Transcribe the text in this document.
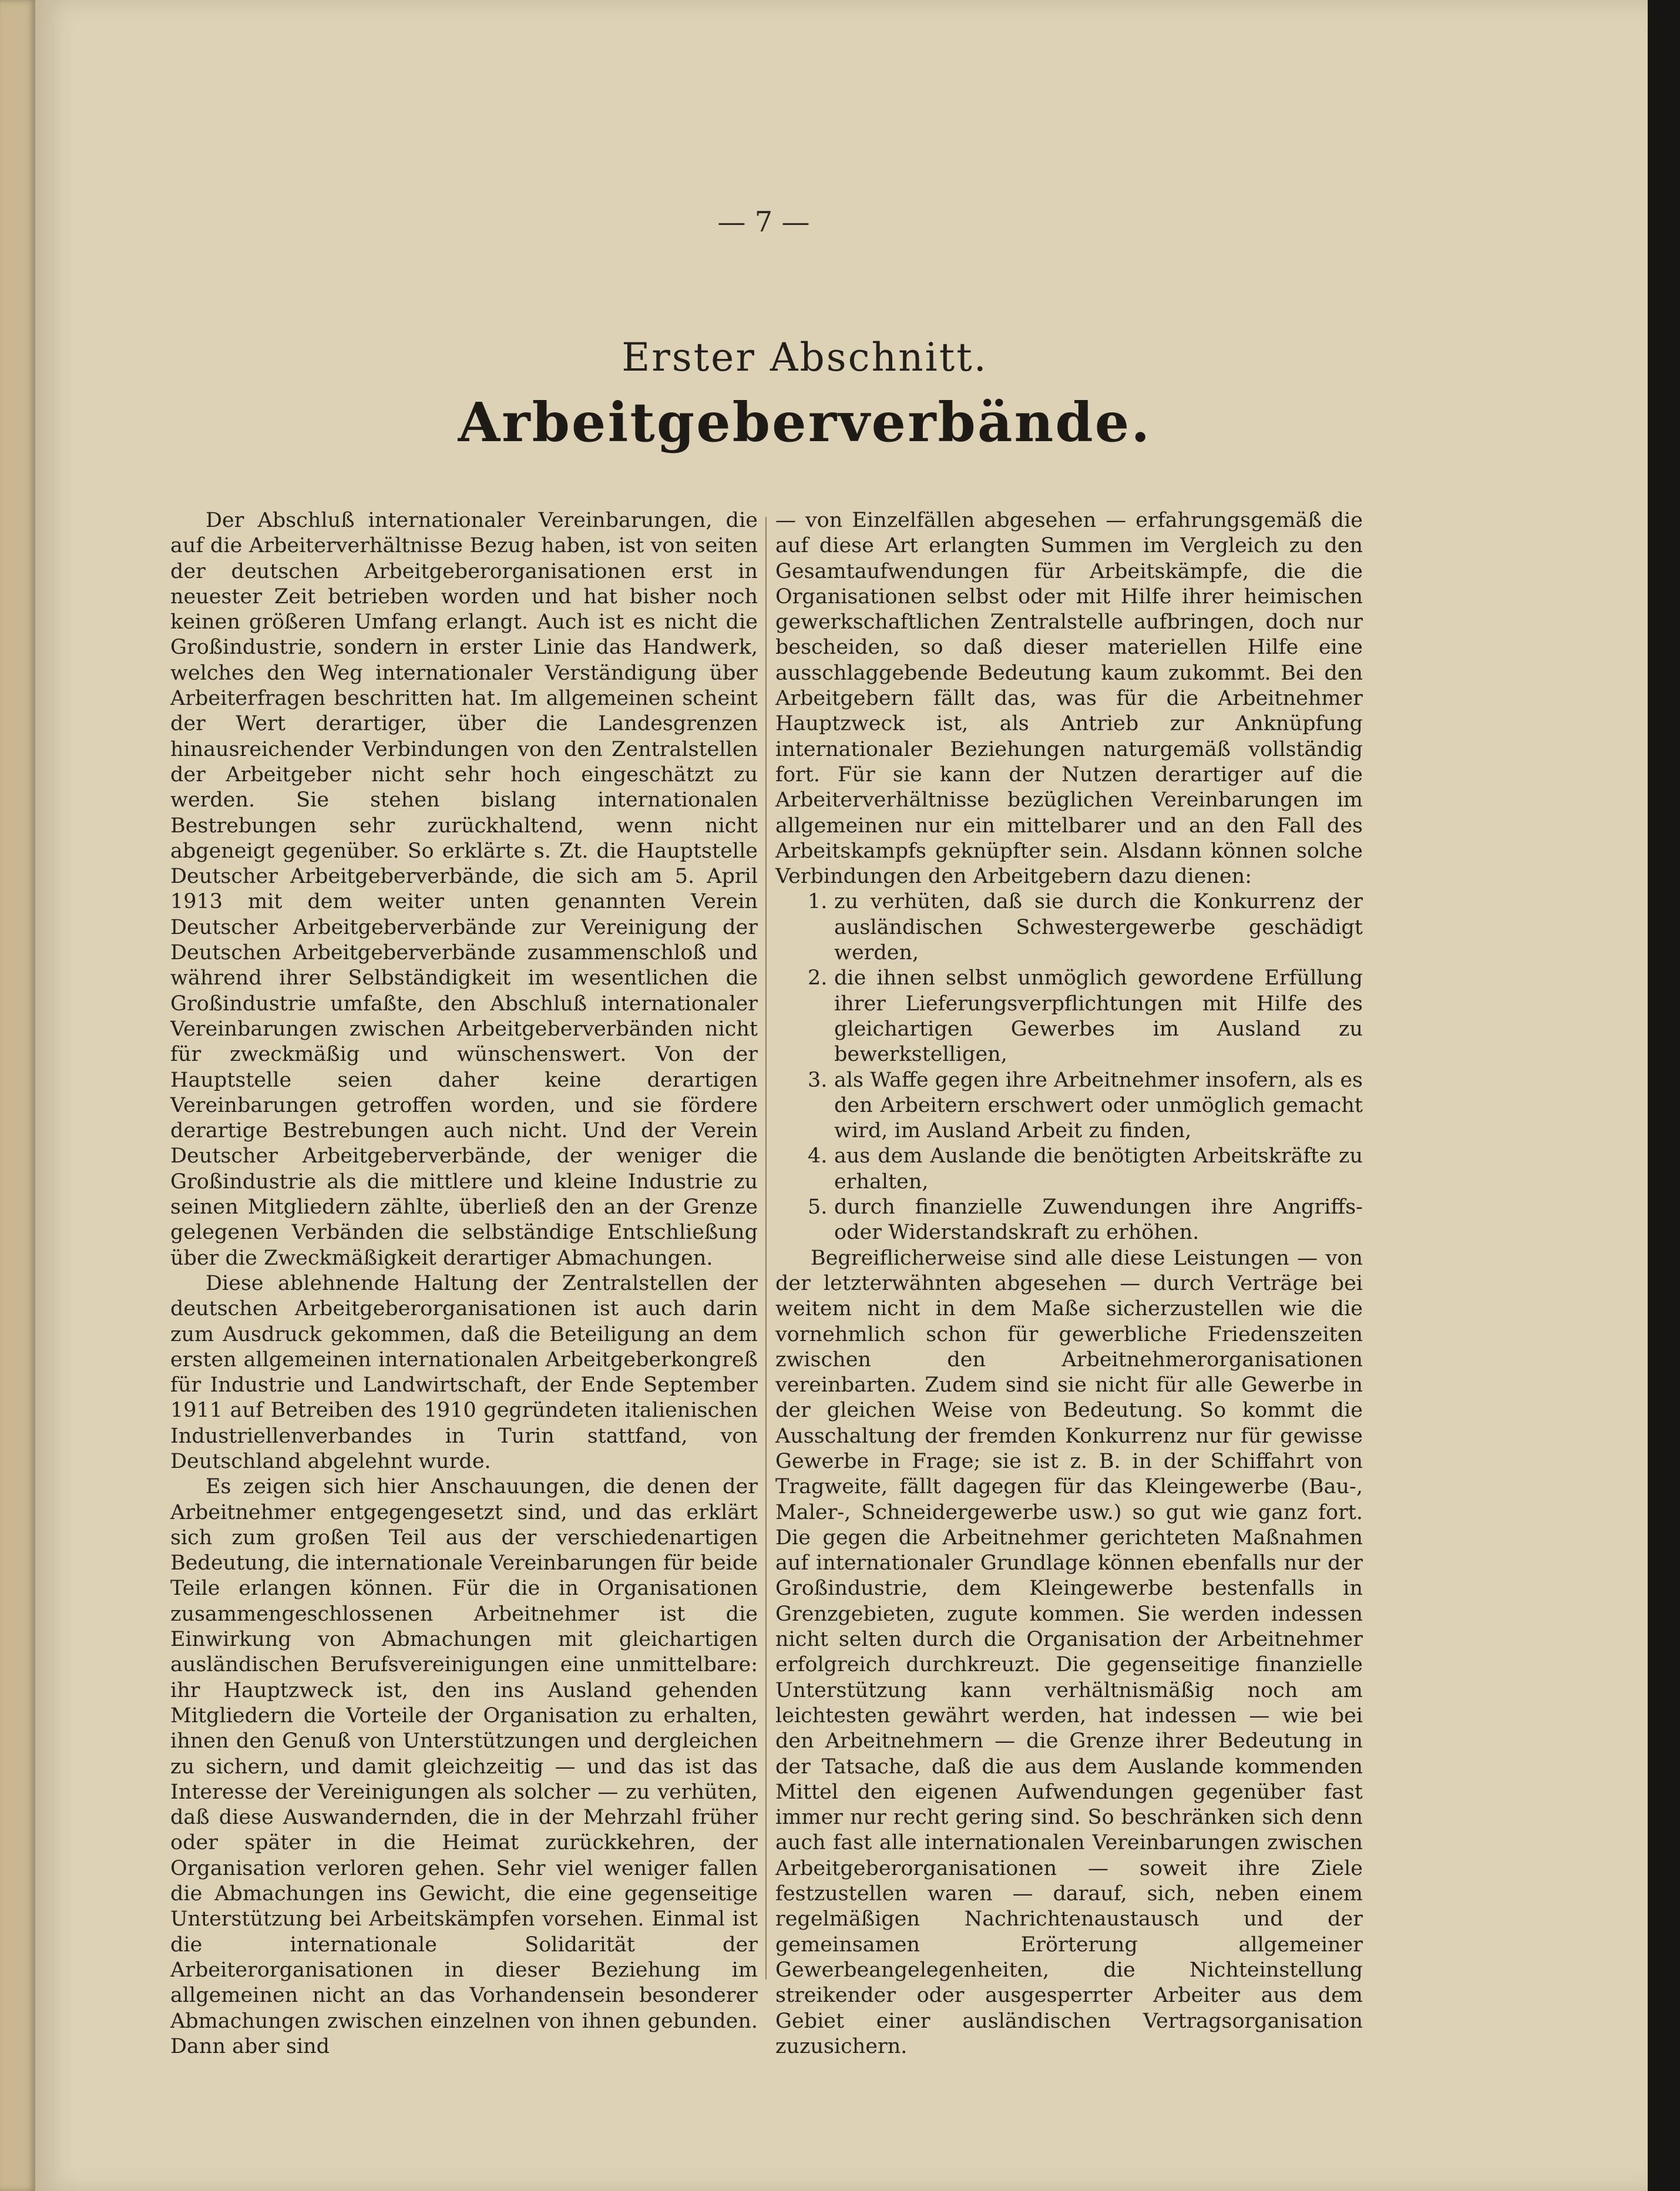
— 7 —
Erster Abschnitt.
Arbeitgeberverbände.

Der Abschluß internationaler Vereinbarungen, die auf die Arbeiterverhältnisse Bezug haben, ist von seiten der deutschen Arbeitgeberorganisationen erst in neuester Zeit betrieben worden und hat bisher noch keinen größeren Umfang erlangt. Auch ist es nicht die Großindustrie, sondern in erster Linie das Handwerk, welches den Weg internationaler Verständigung über Arbeiterfragen beschritten hat. Im allgemeinen scheint der Wert derartiger, über die Landesgrenzen hinausreichender Verbindungen von den Zentralstellen der Arbeitgeber nicht sehr hoch eingeschätzt zu werden. Sie stehen bislang internationalen Bestrebungen sehr zurückhaltend, wenn nicht abgeneigt gegenüber. So erklärte s. Zt. die Hauptstelle Deutscher Arbeitgeberverbände, die sich am 5. April 1913 mit dem weiter unten genannten Verein Deutscher Arbeitgeberverbände zur Vereinigung der Deutschen Arbeitgeberverbände zusammenschloß und während ihrer Selbständigkeit im wesentlichen die Großindustrie umfaßte, den Abschluß internationaler Vereinbarungen zwischen Arbeitgeberverbänden nicht für zweckmäßig und wünschenswert. Von der Hauptstelle seien daher keine derartigen Vereinbarungen getroffen worden, und sie fördere derartige Bestrebungen auch nicht. Und der Verein Deutscher Arbeitgeberverbände, der weniger die Großindustrie als die mittlere und kleine Industrie zu seinen Mitgliedern zählte, überließ den an der Grenze gelegenen Verbänden die selbständige Entschließung über die Zweckmäßigkeit derartiger Abmachungen.

Diese ablehnende Haltung der Zentralstellen der deutschen Arbeitgeberorganisationen ist auch darin zum Ausdruck gekommen, daß die Beteiligung an dem ersten allgemeinen internationalen Arbeitgeberkongreß für Industrie und Landwirtschaft, der Ende September 1911 auf Betreiben des 1910 gegründeten italienischen Industriellenverbandes in Turin stattfand, von Deutschland abgelehnt wurde.

Es zeigen sich hier Anschauungen, die denen der Arbeitnehmer entgegengesetzt sind, und das erklärt sich zum großen Teil aus der verschiedenartigen Bedeutung, die internationale Vereinbarungen für beide Teile erlangen können. Für die in Organisationen zusammengeschlossenen Arbeitnehmer ist die Einwirkung von Abmachungen mit gleichartigen ausländischen Berufsvereinigungen eine unmittelbare: ihr Hauptzweck ist, den ins Ausland gehenden Mitgliedern die Vorteile der Organisation zu erhalten, ihnen den Genuß von Unterstützungen und dergleichen zu sichern, und damit gleichzeitig — und das ist das Interesse der Vereinigungen als solcher — zu verhüten, daß diese Auswandernden, die in der Mehrzahl früher oder später in die Heimat zurückkehren, der Organisation verloren gehen. Sehr viel weniger fallen die Abmachungen ins Gewicht, die eine gegenseitige Unterstützung bei Arbeitskämpfen vorsehen. Einmal ist die internationale Solidarität der Arbeiterorganisationen in dieser Beziehung im allgemeinen nicht an das Vorhandensein besonderer Abmachungen zwischen einzelnen von ihnen gebunden. Dann aber sind

— von Einzelfällen abgesehen — erfahrungsgemäß die auf diese Art erlangten Summen im Vergleich zu den Gesamtaufwendungen für Arbeitskämpfe, die die Organisationen selbst oder mit Hilfe ihrer heimischen gewerkschaftlichen Zentralstelle aufbringen, doch nur bescheiden, so daß dieser materiellen Hilfe eine ausschlaggebende Bedeutung kaum zukommt. Bei den Arbeitgebern fällt das, was für die Arbeitnehmer Hauptzweck ist, als Antrieb zur Anknüpfung internationaler Beziehungen naturgemäß vollständig fort. Für sie kann der Nutzen derartiger auf die Arbeiterverhältnisse bezüglichen Vereinbarungen im allgemeinen nur ein mittelbarer und an den Fall des Arbeitskampfs geknüpfter sein. Alsdann können solche Verbindungen den Arbeitgebern dazu dienen:

1. zu verhüten, daß sie durch die Konkurrenz der ausländischen Schwestergewerbe geschädigt werden,
2. die ihnen selbst unmöglich gewordene Erfüllung ihrer Lieferungsverpflichtungen mit Hilfe des gleichartigen Gewerbes im Ausland zu bewerkstelligen,
3. als Waffe gegen ihre Arbeitnehmer insofern, als es den Arbeitern erschwert oder unmöglich gemacht wird, im Ausland Arbeit zu finden,
4. aus dem Auslande die benötigten Arbeitskräfte zu erhalten,
5. durch finanzielle Zuwendungen ihre Angriffs- oder Widerstandskraft zu erhöhen.

Begreiflicherweise sind alle diese Leistungen — von der letzterwähnten abgesehen — durch Verträge bei weitem nicht in dem Maße sicherzustellen wie die vornehmlich schon für gewerbliche Friedenszeiten zwischen den Arbeitnehmerorganisationen vereinbarten. Zudem sind sie nicht für alle Gewerbe in der gleichen Weise von Bedeutung. So kommt die Ausschaltung der fremden Konkurrenz nur für gewisse Gewerbe in Frage; sie ist z. B. in der Schiffahrt von Tragweite, fällt dagegen für das Kleingewerbe (Bau-, Maler-, Schneidergewerbe usw.) so gut wie ganz fort. Die gegen die Arbeitnehmer gerichteten Maßnahmen auf internationaler Grundlage können ebenfalls nur der Großindustrie, dem Kleingewerbe bestenfalls in Grenzgebieten, zugute kommen. Sie werden indessen nicht selten durch die Organisation der Arbeitnehmer erfolgreich durchkreuzt. Die gegenseitige finanzielle Unterstützung kann verhältnismäßig noch am leichtesten gewährt werden, hat indessen — wie bei den Arbeitnehmern — die Grenze ihrer Bedeutung in der Tatsache, daß die aus dem Auslande kommenden Mittel den eigenen Aufwendungen gegenüber fast immer nur recht gering sind. So beschränken sich denn auch fast alle internationalen Vereinbarungen zwischen Arbeitgeberorganisationen — soweit ihre Ziele festzustellen waren — darauf, sich, neben einem regelmäßigen Nachrichtenaustausch und der gemeinsamen Erörterung allgemeiner Gewerbeangelegenheiten, die Nichteinstellung streikender oder ausgesperrter Arbeiter aus dem Gebiet einer ausländischen Vertragsorganisation zuzusichern.
